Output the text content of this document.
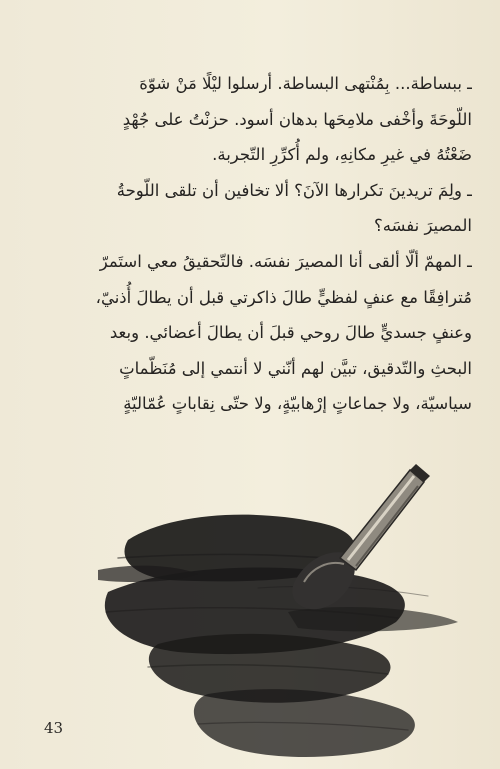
ـ ببساطة... بِمُنْتهى البساطة. أرسلوا ليْلًا مَنْ شوّهَ
اللّوحَةَ وأخْفى ملامِحَها بدهان أسود. حزنْتُ على جُهْدٍ
ضَعْتُهُ في غيرِ مكانِهِ، ولم أُكرِّرِ التّجربة.
ـ ولِمَ تريدينَ تكرارها الآنَ؟ ألا تخافين أن تلقى اللّوحةُ
المصيرَ نفسَه؟
ـ المهمّ ألّا ألقى أنا المصيرَ نفسَه. فالتّحقيقُ معي استَمرّ
مُترافِقًا مع عنفٍ لفظيٍّ طالَ ذاكرتي قبل أن يطالَ أُذنيّ،
وعنفٍ جسديٍّ طالَ روحي قبلَ أن يطالَ أعضائي. وبعد
البحثِ والتّدقيق، تبيَّن لهم أنّني لا أنتمي إلى مُنَظّماتٍ
سياسيّة، ولا جماعاتٍ إرْهابيّةٍ، ولا حتّى نِقاباتٍ عُمّاليّةٍ
43
